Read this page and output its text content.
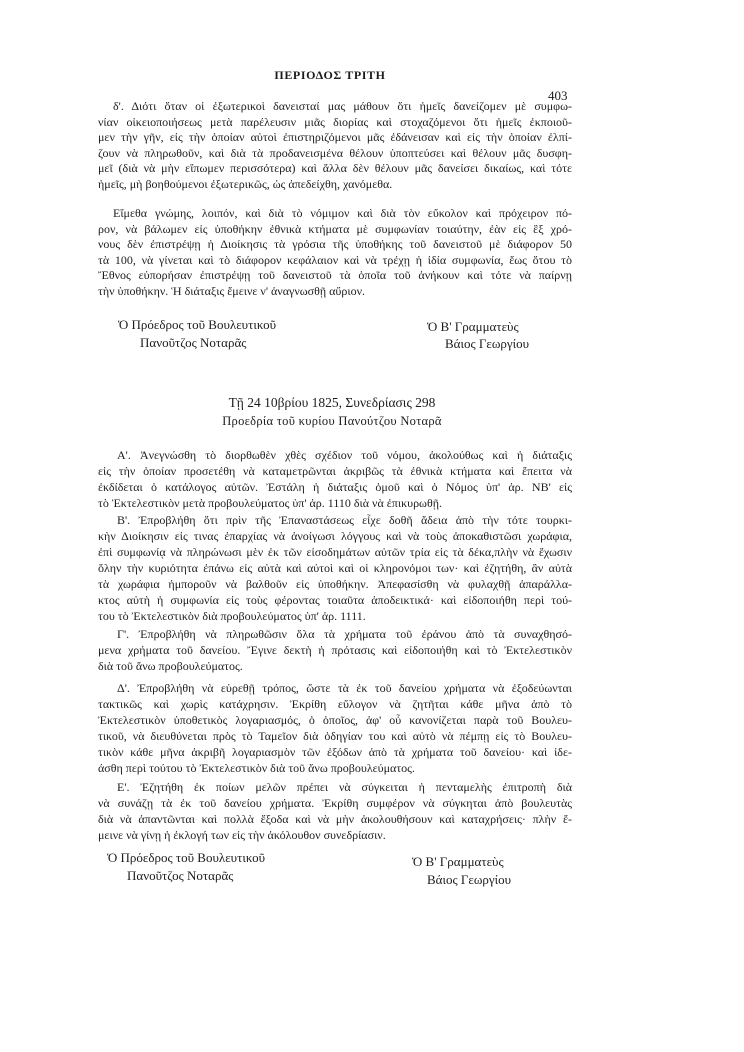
ΠΕΡΙΟΔΟΣ ΤΡΙΤΗ
403
δ'. Διότι ὅταν οἱ ἐξωτερικοὶ δανεισταί μας μάθουν ὅτι ἡμεῖς δανείζομεν μὲ συμφω-
νίαν οἰκειοποιήσεως μετὰ παρέλευσιν μιᾶς διορίας καὶ στοχαζόμενοι ὅτι ἡμεῖς ἐκποιοῦ-
μεν τὴν γῆν, εἰς τὴν ὁποίαν αὐτοὶ ἐπιστηριζόμενοι μᾶς ἐδάνεισαν καὶ εἰς τὴν ὁποίαν ἐλπί-
ζουν νὰ πληρωθοῦν, καὶ διὰ τὰ προδανεισμένα θέλουν ὑποπτεύσει καὶ θέλουν μᾶς δυσφη-
μεῖ (διὰ νὰ μὴν εἴπωμεν περισσότερα) καὶ ἄλλα δὲν θέλουν μᾶς δανείσει δικαίως, καὶ τότε
ἡμεῖς, μὴ βοηθούμενοι ἐξωτερικῶς, ὡς ἀπεδείχθη, χανόμεθα.
Εἴμεθα γνώμης, λοιπόν, καὶ διὰ τὸ νόμιμον καὶ διὰ τὸν εὔκολον καὶ πρόχειρον πό-
ρον, νὰ βάλωμεν εἰς ὑποθήκην ἐθνικὰ κτήματα μὲ συμφωνίαν τοιαύτην, ἐὰν εἰς ἓξ χρό-
νους δὲν ἐπιστρέψῃ ἡ Διοίκησις τὰ γρόσια τῆς ὑποθήκης τοῦ δανειστοῦ μὲ διάφορον 50
τὰ 100, νὰ γίνεται καὶ τὸ διάφορον κεφάλαιον καὶ νὰ τρέχῃ ἡ ἰδία συμφωνία, ἕως ὅτου τὸ
Ἔθνος εὐπορήσαν ἐπιστρέψῃ τοῦ δανειστοῦ τὰ ὁποῖα τοῦ ἀνήκουν καὶ τότε νὰ παίρνῃ
τὴν ὑποθήκην. Ἡ διάταξις ἔμεινε ν' ἀναγνωσθῇ αὔριον.
Ὁ Πρόεδρος τοῦ Βουλευτικοῦ
Πανοῦτζος Νοταρᾶς
Ὁ Β' Γραμματεὺς
Βάιος Γεωργίου
Τῇ 24 10βρίου 1825, Συνεδρίασις 298
Προεδρία τοῦ κυρίου Πανούτζου Νοταρᾶ
Α'. Ἀνεγνώσθη τὸ διορθωθὲν χθὲς σχέδιον τοῦ νόμου, ἀκολούθως καὶ ἡ διάταξις
εἰς τὴν ὁποίαν προσετέθη νὰ καταμετρῶνται ἀκριβῶς τὰ ἐθνικὰ κτήματα καὶ ἔπειτα νὰ
ἐκδίδεται ὁ κατάλογος αὐτῶν. Ἐστάλη ἡ διάταξις ὁμοῦ καὶ ὁ Νόμος ὑπ' ἀρ. ΝΒ' εἰς
τὸ Ἐκτελεστικὸν μετὰ προβουλεύματος ὑπ' ἀρ. 1110 διὰ νὰ ἐπικυρωθῇ.
Β'. Ἐπροβλήθη ὅτι πρὶν τῆς Ἐπαναστάσεως εἶχε δοθῆ ἄδεια ἀπὸ τὴν τότε τουρκι-
κὴν Διοίκησιν εἰς τινας ἐπαρχίας νὰ ἀνοίγωσι λόγγους καὶ νὰ τοὺς ἀποκαθιστῶσι χωράφια,
ἐπὶ συμφωνίᾳ νὰ πληρώνωσι μὲν ἐκ τῶν εἰσοδημάτων αὐτῶν τρία εἰς τὰ δέκα,πλὴν νὰ ἔχωσιν
ὅλην τὴν κυριότητα ἐπάνω εἰς αὐτὰ καὶ αὐτοὶ καὶ οἱ κληρονόμοι των· καὶ ἐζητήθη, ἂν αὐτὰ
τὰ χωράφια ἠμποροῦν νὰ βαλθοῦν εἰς ὑποθήκην. Ἀπεφασίσθη νὰ φυλαχθῇ ἀπαράλλα-
κτος αὐτὴ ἡ συμφωνία εἰς τοὺς φέροντας τοιαῦτα ἀποδεικτικά· καὶ εἰδοποιήθη περὶ τού-
του τὸ Ἐκτελεστικὸν διὰ προβουλεύματος ὑπ' ἀρ. 1111.
Γ'. Ἐπροβλήθη νὰ πληρωθῶσιν ὅλα τὰ χρήματα τοῦ ἐράνου ἀπὸ τὰ συναχθησό-
μενα χρήματα τοῦ δανείου. Ἔγινε δεκτὴ ἡ πρότασις καὶ εἰδοποιήθη καὶ τὸ Ἐκτελεστικὸν
διὰ τοῦ ἄνω προβουλεύματος.
Δ'. Ἐπροβλήθη νὰ εὑρεθῇ τρόπος, ὥστε τὰ ἐκ τοῦ δανείου χρήματα νὰ ἐξοδεύωνται
τακτικῶς καὶ χωρὶς κατάχρησιν. Ἐκρίθη εὔλογον νὰ ζητῆται κάθε μῆνα ἀπὸ τὸ
Ἐκτελεστικὸν ὑποθετικὸς λογαριασμός, ὁ ὁποῖος, ἀφ' οὗ κανονίζεται παρὰ τοῦ Βουλευ-
τικοῦ, νὰ διευθύνεται πρὸς τὸ Ταμεῖον διὰ ὁδηγίαν του καὶ αὐτὸ νὰ πέμπῃ εἰς τὸ Βουλευ-
τικὸν κάθε μῆνα ἀκριβῆ λογαριασμὸν τῶν ἐξόδων ἀπὸ τὰ χρήματα τοῦ δανείου· καὶ ἰδε-
άσθη περὶ τούτου τὸ Ἐκτελεστικὸν διὰ τοῦ ἄνω προβουλεύματος.
Ε'. Ἐζητήθη ἐκ ποίων μελῶν πρέπει νὰ σύγκειται ἡ πενταμελὴς ἐπιτροπὴ διὰ
νὰ συνάζῃ τὰ ἐκ τοῦ δανείου χρήματα. Ἐκρίθη συμφέρον νὰ σύγκηται ἀπὸ βουλευτὰς
διὰ νὰ ἀπαντῶνται καὶ πολλὰ ἔξοδα καὶ νὰ μὴν ἀκολουθήσουν καὶ καταχρήσεις· πλὴν ἔ-
μεινε νὰ γίνῃ ἡ ἐκλογή των εἰς τὴν ἀκόλουθον συνεδρίασιν.
Ὁ Πρόεδρος τοῦ Βουλευτικοῦ
Πανοῦτζος Νοταρᾶς
Ὁ Β' Γραμματεὺς
Βάιος Γεωργίου
